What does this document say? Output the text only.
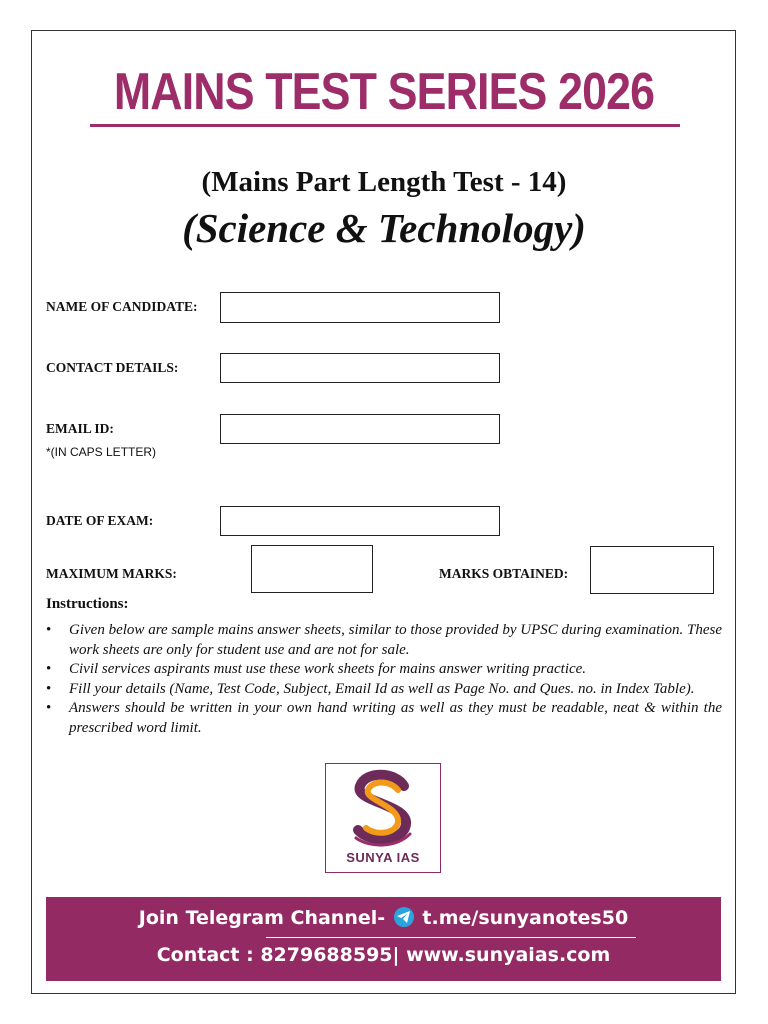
MAINS TEST SERIES 2026
(Mains Part Length Test - 14)
(Science & Technology)
NAME OF CANDIDATE:
CONTACT DETAILS:
EMAIL ID:
*(IN CAPS LETTER)
DATE OF EXAM:
MAXIMUM MARKS:	MARKS OBTAINED:
Instructions:
• Given below are sample mains answer sheets, similar to those provided by UPSC during examination. These work sheets are only for student use and are not for sale.
• Civil services aspirants must use these work sheets for mains answer writing practice.
• Fill your details (Name, Test Code, Subject, Email Id as well as Page No. and Ques. no. in Index Table).
• Answers should be written in your own hand writing as well as they must be readable, neat & within the prescribed word limit.
SUNYA IAS
Join Telegram Channel- t.me/sunyanotes50
Contact : 8279688595| www.sunyaias.com
